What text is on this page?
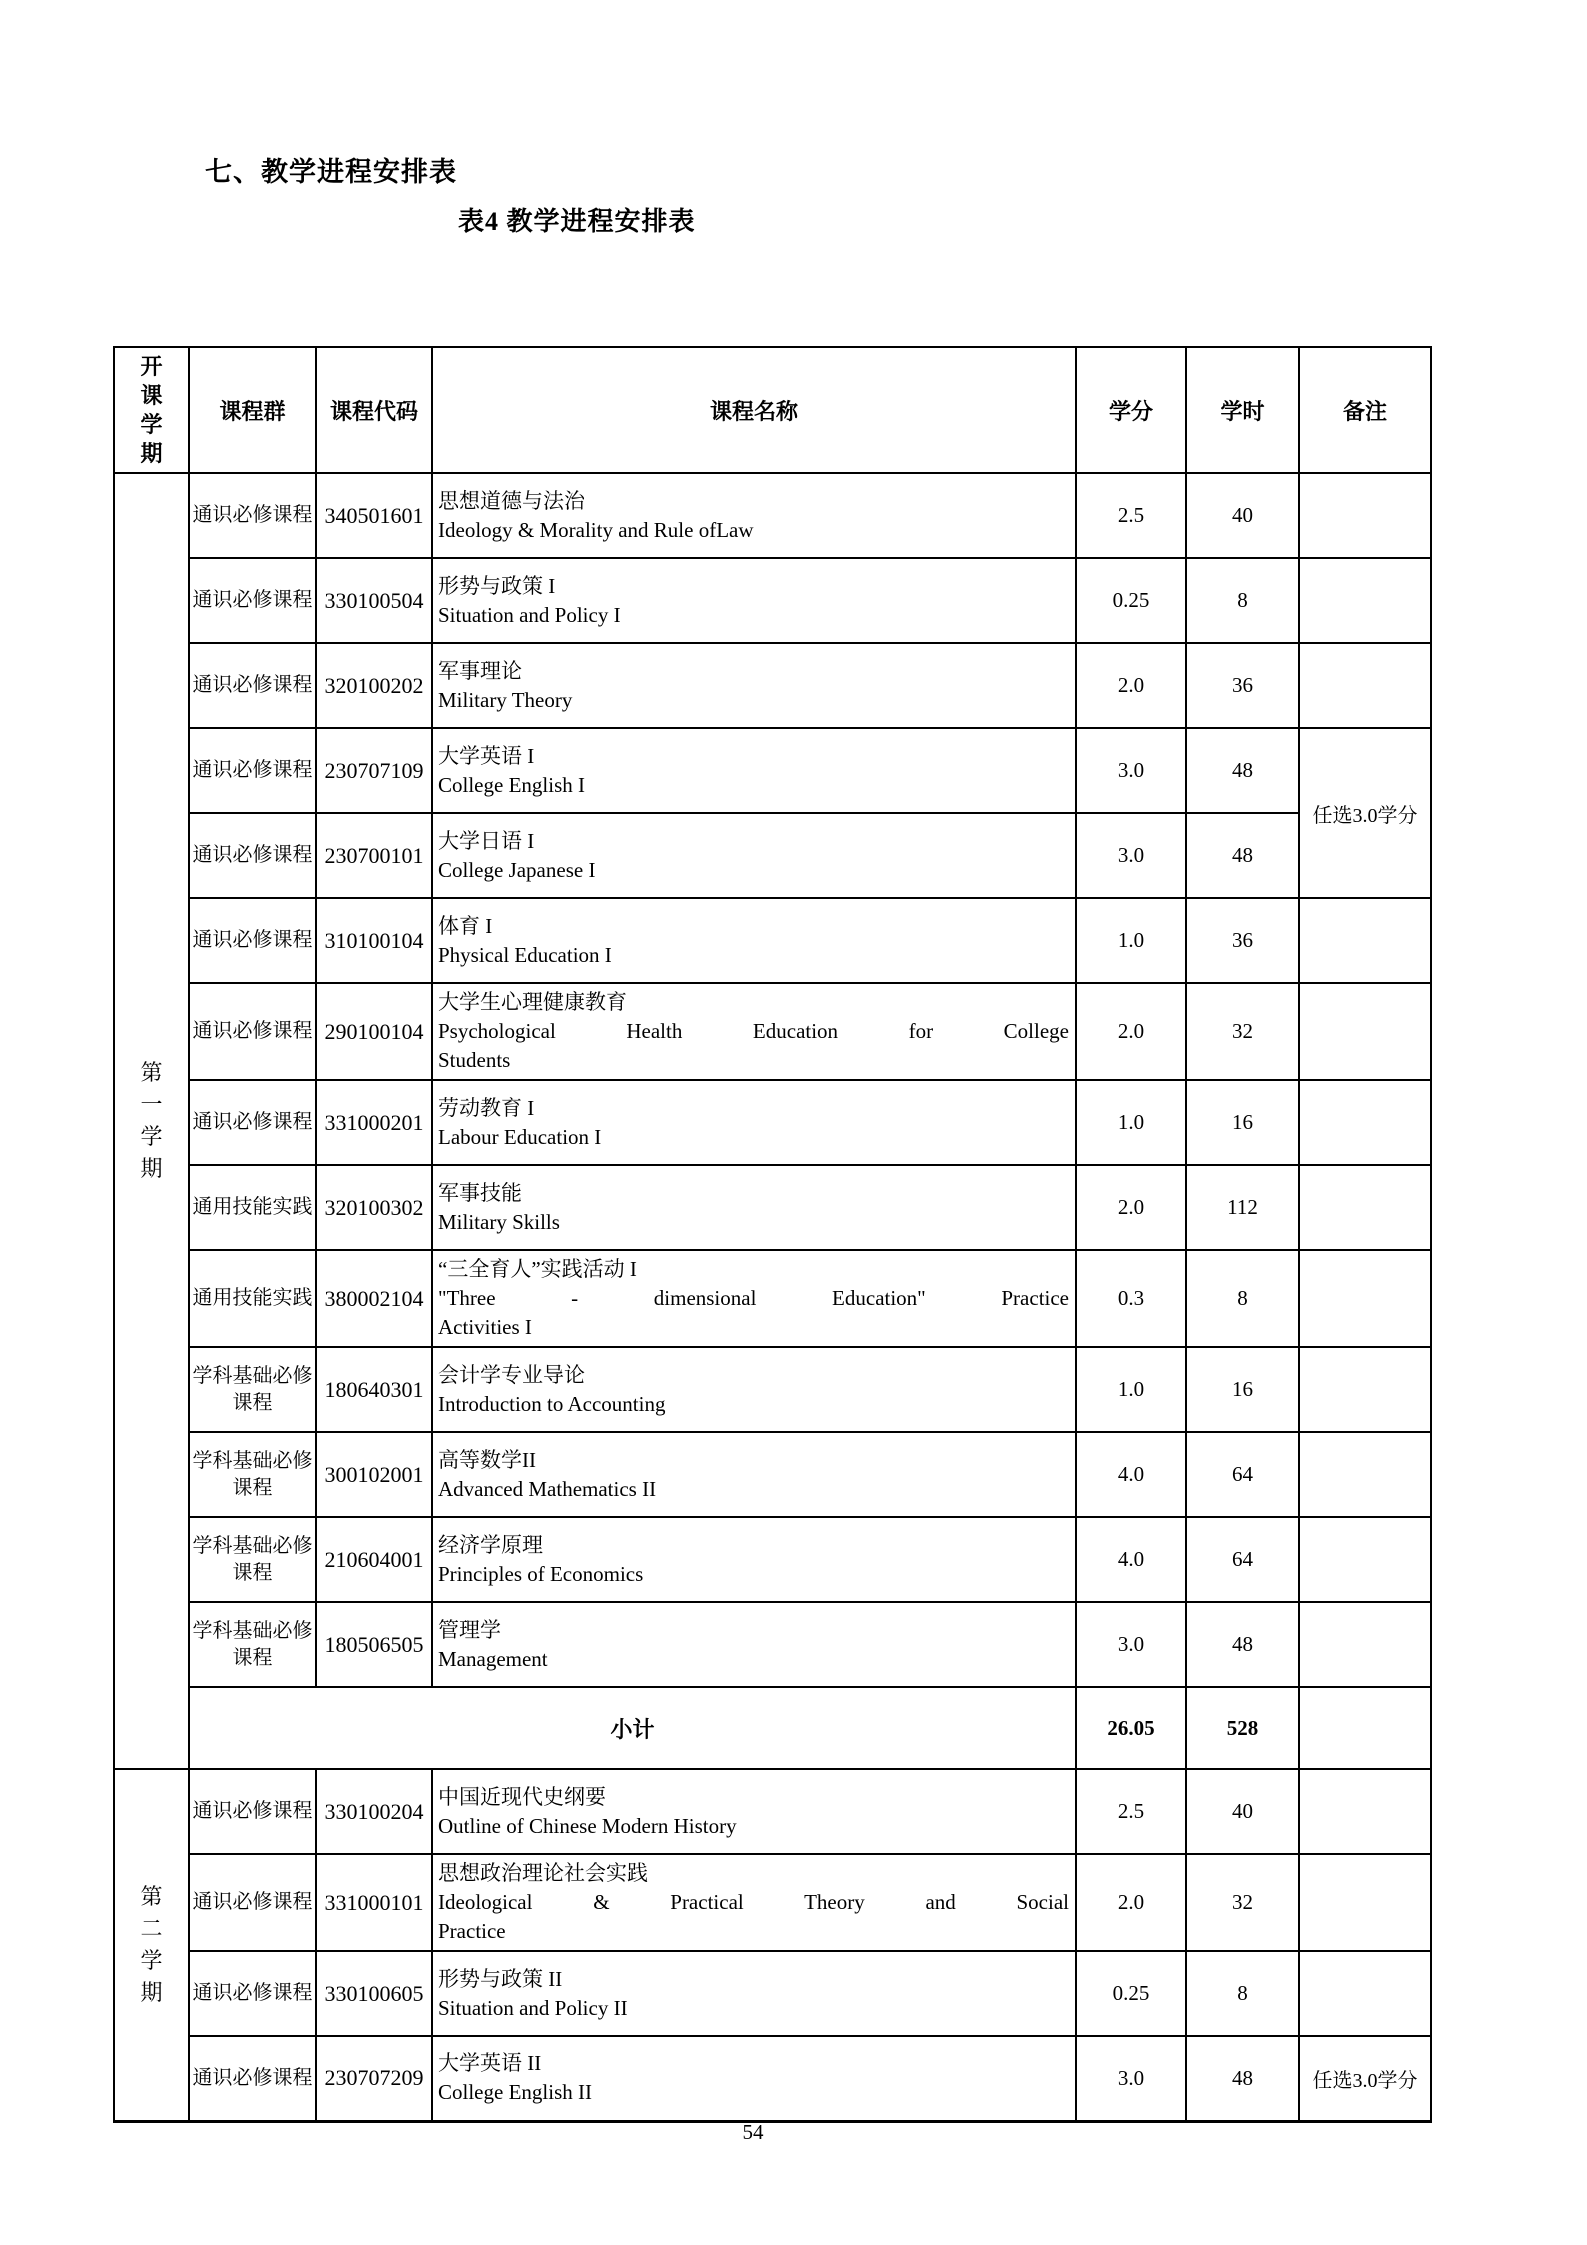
七、教学进程安排表
表4 教学进程安排表
开课学期	课程群	课程代码	课程名称	学分	学时	备注

第一学期	通识必修课程	340501601	思想道德与法治
Ideology & Morality and Rule ofLaw	2.5	40	
	通识必修课程	330100504	形势与政策 I
Situation and Policy I	0.25	8	
	通识必修课程	320100202	军事理论
Military Theory	2.0	36	
	通识必修课程	230707109	大学英语 I
College English I	3.0	48	任选3.0学分
	通识必修课程	230700101	大学日语 I
College Japanese I	3.0	48	
	通识必修课程	310100104	体育 I
Physical Education I	1.0	36	
	通识必修课程	290100104	大学生心理健康教育
Psychological Health Education for College
Students	2.0	32	
	通识必修课程	331000201	劳动教育 I
Labour Education I	1.0	16	
	通用技能实践	320100302	军事技能
Military Skills	2.0	112	
	通用技能实践	380002104	“三全育人”实践活动 I
"Three - dimensional Education" Practice
Activities I	0.3	8	
	学科基础必修课程	180640301	会计学专业导论
Introduction to Accounting	1.0	16	
	学科基础必修课程	300102001	高等数学II
Advanced Mathematics II	4.0	64	
	学科基础必修课程	210604001	经济学原理
Principles of Economics	4.0	64	
	学科基础必修课程	180506505	管理学
Management	3.0	48	
	小计			26.05	528	

第二学期	通识必修课程	330100204	中国近现代史纲要
Outline of Chinese Modern History	2.5	40	
	通识必修课程	331000101	思想政治理论社会实践
Ideological & Practical Theory and Social
Practice	2.0	32	
	通识必修课程	330100605	形势与政策 II
Situation and Policy II	0.25	8	
	通识必修课程	230707209	大学英语 II
College English II	3.0	48	任选3.0学分
54
